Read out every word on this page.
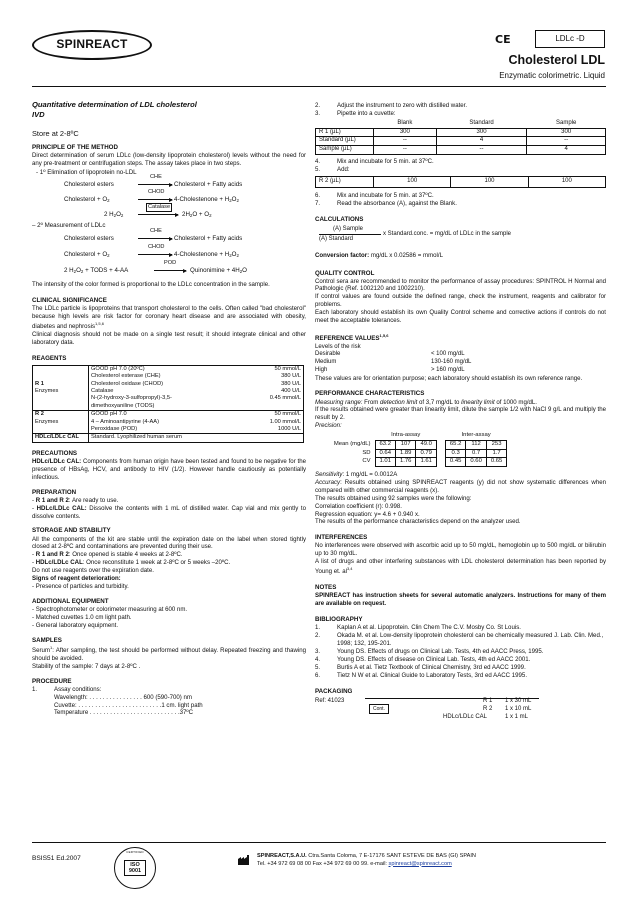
SPINREACT	CE	LDLc -D
Cholesterol LDL
Enzymatic colorimetric. Liquid
Quantitative determination of LDL cholesterol
IVD
Store at 2-8ºC
PRINCIPLE OF THE METHOD
Direct determination of serum LDLc (low-density lipoprotein cholesterol) levels without the need for any pre-treatment or centrifugation steps. The assay takes place in two steps.
- 1º Elimination of lipoprotein no-LDL
Cholesterol esters
CHE
Cholesterol + Fatty acids
Cholesterol + $O_2$
CHOD
4-Cholestenone + $H_2O_2$
2 $H_2O_2$
Catalase
$2H_2O + O_2$
– 2º Measurement of LDLc
Cholesterol esters
CHE
Cholesterol + Fatty acids
Cholesterol + $O_2$
CHOD
4-Cholestenone + $H_2O_2$
2 $H_2O_2$ + TODS + 4-AA
POD
Quinonimine + $4H_2O$
The intensity of the color formed is proportional to the LDLc concentration in the sample.
CLINICAL SIGNIFICANCE
The LDLc particle is lipoproteins that transport cholesterol to the cells. Often called "bad cholesterol" because high levels are risk factor for coronary heart disease and are associated with obesity, diabetes and nephrosis$^{1,5,6}$
Clinical diagnosis should not be made on a single test result; it should integrate clinical and other laboratory data.
REAGENTS
	GOOD pH 7.0 (20ºC)	50 mmol/L
	Cholesterol esterase (CHE)	380 U/L
R 1	Cholesterol oxidase (CHOD)	380 U/L
Enzymes	Catalase	400 U/L
	N-(2-hydroxy-3-sulfopropyl)-3,5-	0.45 mmol/L
	dimethoxyaniline (TODS)	
R 2	GOOD pH 7.0	50 mmol/L
Enzymes	4 – Aminoantipyrine (4-AA)	1.00 mmol/L
	Peroxidase (POD)	1000 U/L
HDLc/LDLc CAL	Standard. Lyophilized human serum	
PRECAUTIONS
HDLc/LDLc CAL: Components from human origin have been tested and found to be negative for the presence of HBsAg, HCV, and antibody to HIV (1/2). However handle cautiously as potentially infectious.
PREPARATION
- R 1 and R 2: Are ready to use.
- HDLc/LDLc CAL: Dissolve the contents with 1 mL of distilled water. Cap vial and mix gently to dissolve contents.
STORAGE AND STABILITY
All the components of the kit are stable until the expiration date on the label when stored tightly closed at 2-8ºC and contaminations are prevented during their use.
- R 1 and R 2: Once opened is stable 4 weeks at 2-8ºC.
- HDLc/LDLc CAL: Once reconstitute 1 week at 2-8ºC or 5 weeks –20ºC.
Do not use reagents over the expiration date.
Signs of reagent deterioration:
- Presence of particles and turbidity.
ADDITIONAL EQUIPMENT
- Spectrophotometer or colorimeter measuring at 600 nm.
- Matched cuvettes 1.0 cm light path.
- General laboratory equipment.
SAMPLES
Serum$^1$: After sampling, the test should be performed without delay. Repeated freezing and thawing should be avoided.
Stability of the sample: 7 days at 2-8ºC .
PROCEDURE
1.	Assay conditions:
Wavelength: . . . . . . . . . . . . . . . . 600 (590-700) nm
Cuvette: . . . . . . . . . . . . . . . . . . . . . . . . .1 cm. light path
Temperature . . . . . . . . . . . . . . . . . . . . . . . . . . .37ºC
2.	Adjust the instrument to zero with distilled water.
3.	Pipette into a cuvette:
	Blank	Standard	Sample
R 1 (µL)	300	300	300
Standard (µL)	--	4	--
Sample (µL)	--	--	4
4.	Mix and incubate for 5 min. at 37ºC.
5.	Add:
R 2 (µL)	100	100	100
6.	Mix and incubate for 5 min. at 37ºC.
7.	Read the absorbance (A), against the Blank.
CALCULATIONS
(A) Sample
(A) Standard
x Standard.conc. = mg/dL of LDLc in the sample
Conversion factor: mg/dL x 0.02586 = mmol/L
QUALITY CONTROL
Control sera are recommended to monitor the performance of assay procedures: SPINTROL H Normal and Pathologic (Ref. 1002120 and 1002210).
If control values are found outside the defined range, check the instrument, reagents and calibrator for problems.
Each laboratory should establish its own Quality Control scheme and corrective actions if controls do not meet the acceptable tolerances.
REFERENCE VALUES$^{1,5,6}$
Levels of the risk
Desirable	< 100 mg/dL
Medium	130-160 mg/dL
High	> 160 mg/dL
These values are for orientation purpose; each laboratory should establish its own reference range.
PERFORMANCE CHARACTERISTICS
Measuring range: From detection limit of 3,7 mg/dL to linearity limit of 1000 mg/dL.
If the results obtained were greater than linearity limit, dilute the sample 1/2 with NaCl 9 g/L and multiply the result by 2.
Precision:
	Intra-assay				Inter-assay		
Mean (mg/dL)	63.2	107	49.0		65.2	112	253
SD	0.64	1.89	0.79		0.3	0.7	1.7
CV	1.01	1.76	1.61		0.45	0.60	0.65
Sensitivity: 1 mg/dL = 0.0012A
Accuracy: Results obtained using SPINREACT reagents (y) did not show systematic differences when compared with other commercial reagents (x).
The results obtained using 92 samples were the following:
Correlation coefficient (r): 0.998.
Regression equation: y= 4.6 + 0.940 x.
The results of the performance characteristics depend on the analyzer used.
INTERFERENCES
No interferences were observed with ascorbic acid up to 50 mg/dL, hemoglobin up to 500 mg/dL or bilirubin up to 30 mg/dL.
A list of drugs and other interfering substances with LDL cholesterol determination has been reported by Young et. al$^{3,4}$
NOTES
SPINREACT has instruction sheets for several automatic analyzers. Instructions for many of them are available on request.
BIBLIOGRAPHY
1.	Kaplan A et al. Lipoprotein. Clin Chem The C.V. Mosby Co. St Louis.
2.	Okada M. et al. Low-density lipoprotein cholesterol can be chemically measured J. Lab. Clin. Med., 1998; 132, 195-201.
3.	Young DS. Effects of drugs on Clinical Lab. Tests, 4th ed AACC Press, 1995.
4.	Young DS. Effects of disease on Clinical Lab. Tests, 4th ed AACC 2001.
5.	Burtis A et al. Tietz Textbook of Clinical Chemistry, 3rd ed AACC 1999.
6.	Tietz N W et al. Clinical Guide to Laboratory Tests, 3rd ed AACC 1995.
PACKAGING
Ref: 41023
Cont.
R 1 1 x 30 mL
R 2 1 x 10 mL
HDLc/LDLc CAL	1 x 1 mL
BSIS51 Ed.2007
CERTIFIED
ISO
9001
SPINREACT,S.A.U. Ctra.Santa Coloma, 7 E-17176 SANT ESTEVE DE BAS (GI) SPAIN
Tel. +34 972 69 08 00 Fax +34 972 69 00 99. e-mail: spinreact@spinreact.com
